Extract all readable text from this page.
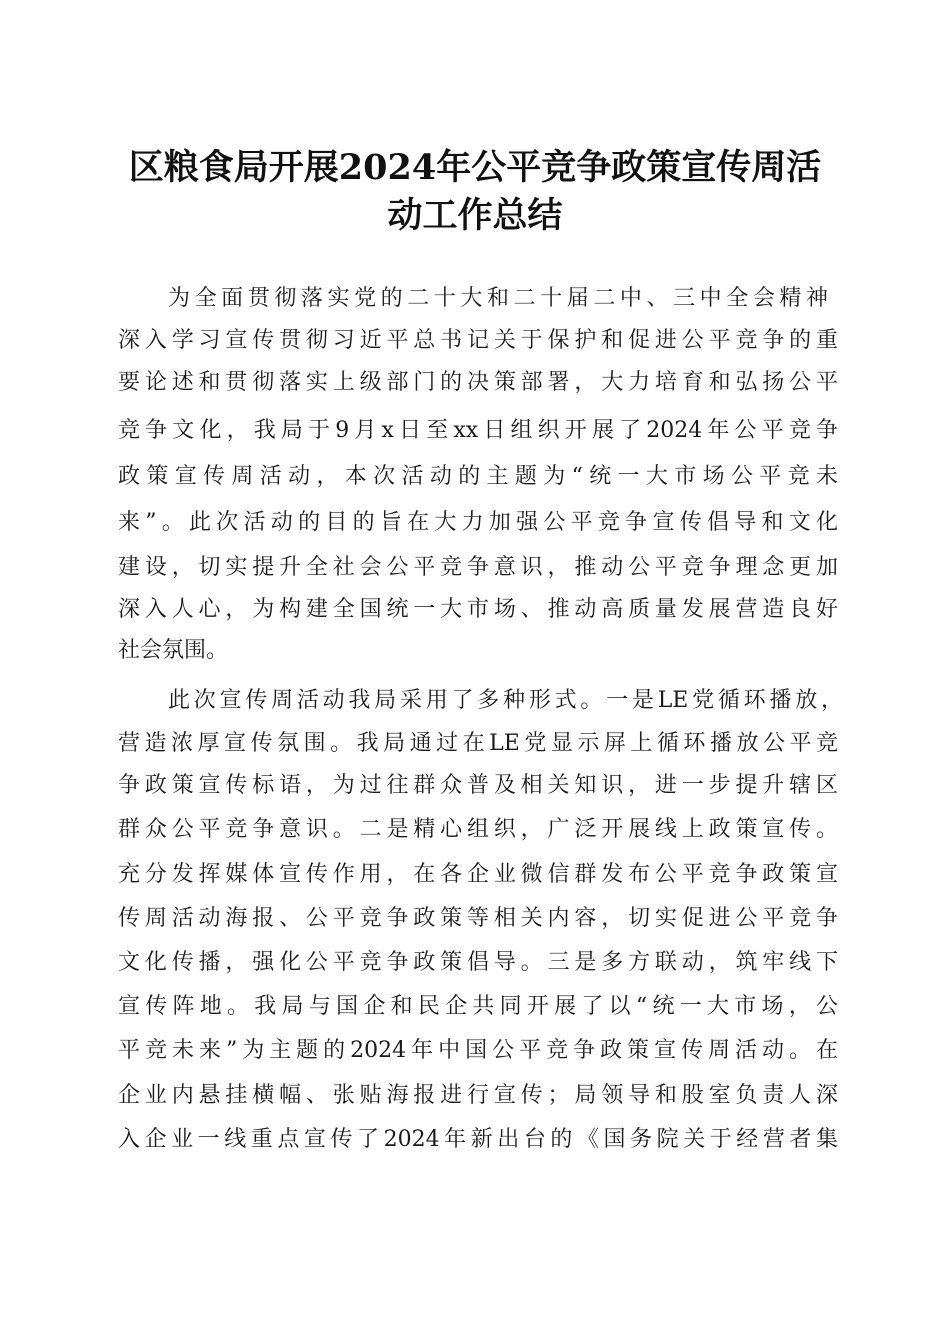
区粮食局开展2024年公平竞争政策宣传周活
动工作总结
为全面贯彻落实党的二十大和二十届二中、三中全会精神
深入学习宣传贯彻习近平总书记关于保护和促进公平竞争的重
要论述和贯彻落实上级部门的决策部署，大力培育和弘扬公平
竞争文化，我局于9月x日至xx日组织开展了2024年公平竞争
政策宣传周活动，本次活动的主题为“统一大市场公平竞未
来”。此次活动的目的旨在大力加强公平竞争宣传倡导和文化
建设，切实提升全社会公平竞争意识，推动公平竞争理念更加
深入人心，为构建全国统一大市场、推动高质量发展营造良好
社会氛围。
此次宣传周活动我局采用了多种形式。一是LE党循环播放，
营造浓厚宣传氛围。我局通过在LE党显示屏上循环播放公平竞
争政策宣传标语，为过往群众普及相关知识，进一步提升辖区
群众公平竞争意识。二是精心组织，广泛开展线上政策宣传。
充分发挥媒体宣传作用，在各企业微信群发布公平竞争政策宣
传周活动海报、公平竞争政策等相关内容，切实促进公平竞争
文化传播，强化公平竞争政策倡导。三是多方联动，筑牢线下
宣传阵地。我局与国企和民企共同开展了以“统一大市场，公
平竞未来”为主题的2024年中国公平竞争政策宣传周活动。在
企业内悬挂横幅、张贴海报进行宣传；局领导和股室负责人深
入企业一线重点宣传了2024年新出台的《国务院关于经营者集
